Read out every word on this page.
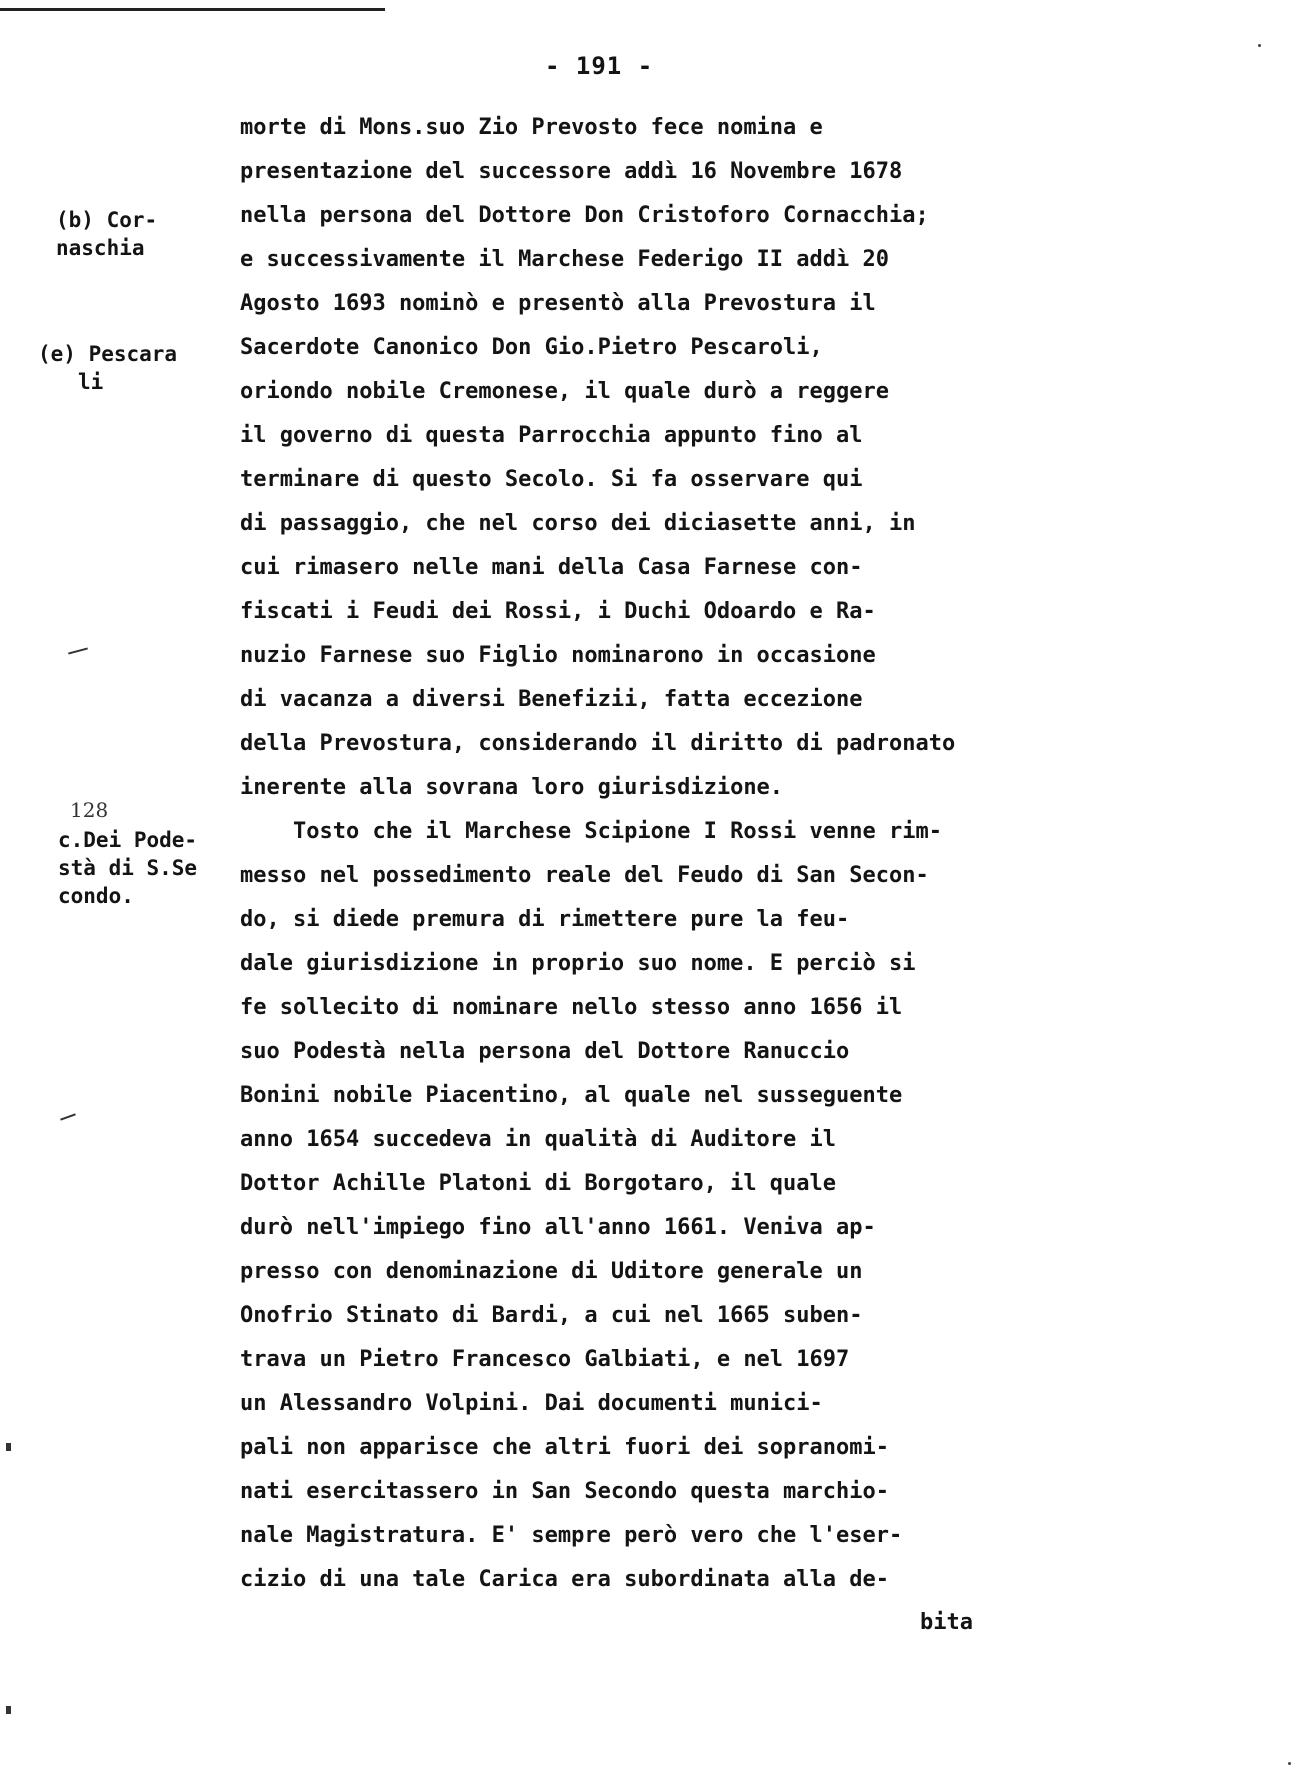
- 191 -
(b) Cor-
naschia
(e) Pescara
li
128
c.Dei Pode-
stà di S.Se
condo.
morte di Mons.suo Zio Prevosto fece nomina e
presentazione del successore addì 16 Novembre 1678
nella persona del Dottore Don Cristoforo Cornacchia;
e successivamente il Marchese Federigo II addì 20
Agosto 1693 nominò e presentò alla Prevostura il
Sacerdote Canonico Don Gio.Pietro Pescaroli,
oriondo nobile Cremonese, il quale durò a reggere
il governo di questa Parrocchia appunto fino al
terminare di questo Secolo. Si fa osservare qui
di passaggio, che nel corso dei diciasette anni, in
cui rimasero nelle mani della Casa Farnese con-
fiscati i Feudi dei Rossi, i Duchi Odoardo e Ra-
nuzio Farnese suo Figlio nominarono in occasione
di vacanza a diversi Benefizii, fatta eccezione
della Prevostura, considerando il diritto di padronato
inerente alla sovrana loro giurisdizione.
Tosto che il Marchese Scipione I Rossi venne rim-
messo nel possedimento reale del Feudo di San Secon-
do, si diede premura di rimettere pure la feu-
dale giurisdizione in proprio suo nome. E perciò si
fe sollecito di nominare nello stesso anno 1656 il
suo Podestà nella persona del Dottore Ranuccio
Bonini nobile Piacentino, al quale nel susseguente
anno 1654 succedeva in qualità di Auditore il
Dottor Achille Platoni di Borgotaro, il quale
durò nell'impiego fino all'anno 1661. Veniva ap-
presso con denominazione di Uditore generale un
Onofrio Stinato di Bardi, a cui nel 1665 suben-
trava un Pietro Francesco Galbiati, e nel 1697
un Alessandro Volpini. Dai documenti munici-
pali non apparisce che altri fuori dei sopranomi-
nati esercitassero in San Secondo questa marchio-
nale Magistratura. E' sempre però vero che l'eser-
cizio di una tale Carica era subordinata alla de-
bita
